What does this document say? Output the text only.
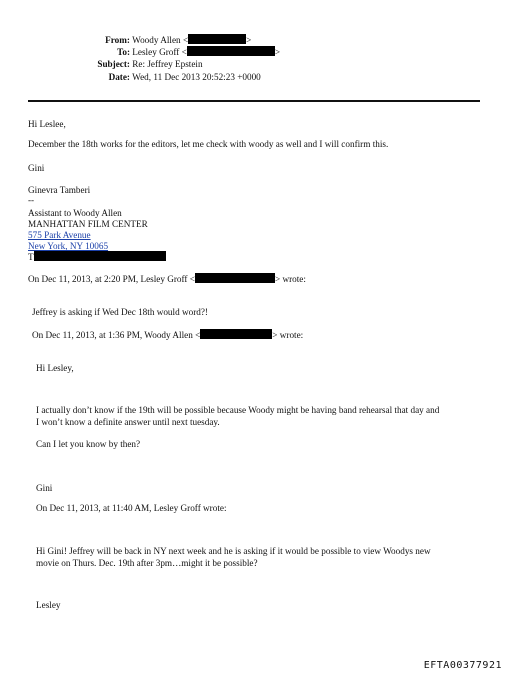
From: Woody Allen <	>
To: Lesley Groff <	>
Subject: Re: Jeffrey Epstein
Date: Wed, 11 Dec 2013 20:52:23 +0000
Hi Leslee,
December the 18th works for the editors, let me check with woody as well and I will confirm this.
Gini
Ginevra Tamberi
--
Assistant to Woody Allen
MANHATTAN FILM CENTER
575 Park Avenue
New York, NY 10065
T
On Dec 11, 2013, at 2:20 PM, Lesley Groff <	> wrote:
Jeffrey is asking if Wed Dec 18th would word?!
On Dec 11, 2013, at 1:36 PM, Woody Allen <	> wrote:
Hi Lesley,
I actually don’t know if the 19th will be possible because Woody might be having band rehearsal that day and
I won’t know a definite answer until next tuesday.
Can I let you know by then?
Gini
On Dec 11, 2013, at 11:40 AM, Lesley Groff wrote:
Hi Gini! Jeffrey will be back in NY next week and he is asking if it would be possible to view Woodys new
movie on Thurs. Dec. 19th after 3pm…might it be possible?
Lesley
EFTA00377921
